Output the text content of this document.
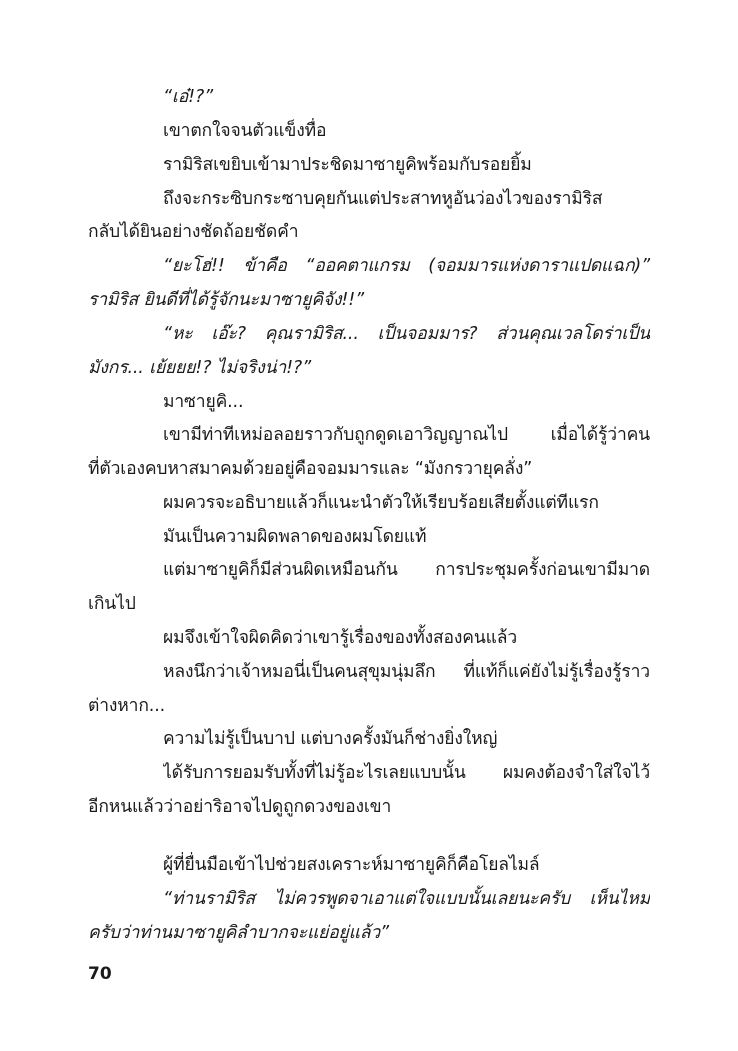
“เอ๋!?”
เขาตกใจจนตัวแข็งทื่อ
รามิริสเขยิบเข้ามาประชิดมาซายูคิพร้อมกับรอยยิ้ม
ถึงจะกระซิบกระซาบคุยกันแต่ประสาทหูอันว่องไวของรามิริส
กลับได้ยินอย่างชัดถ้อยชัดคำ
“ยะโฮ่!! ข้าคือ “ออคตาแกรม (จอมมารแห่งดาราแปดแฉก)”
รามิริส ยินดีที่ได้รู้จักนะมาซายูคิจัง!!”
“หะ เอ๊ะ? คุณรามิริส... เป็นจอมมาร? ส่วนคุณเวลโดร่าเป็น
มังกร... เย้ยยย!? ไม่จริงน่า!?”
มาซายูคิ...
เขามีท่าทีเหม่อลอยราวกับถูกดูดเอาวิญญาณไป เมื่อได้รู้ว่าคน
ที่ตัวเองคบหาสมาคมด้วยอยู่คือจอมมารและ “มังกรวายุคลั่ง”
ผมควรจะอธิบายแล้วก็แนะนำตัวให้เรียบร้อยเสียตั้งแต่ทีแรก
มันเป็นความผิดพลาดของผมโดยแท้
แต่มาซายูคิก็มีส่วนผิดเหมือนกัน การประชุมครั้งก่อนเขามีมาด
เกินไป
ผมจึงเข้าใจผิดคิดว่าเขารู้เรื่องของทั้งสองคนแล้ว
หลงนึกว่าเจ้าหมอนี่เป็นคนสุขุมนุ่มลึก ที่แท้ก็แค่ยังไม่รู้เรื่องรู้ราว
ต่างหาก...
ความไม่รู้เป็นบาป แต่บางครั้งมันก็ช่างยิ่งใหญ่
ได้รับการยอมรับทั้งที่ไม่รู้อะไรเลยแบบนั้น ผมคงต้องจำใส่ใจไว้
อีกหนแล้วว่าอย่าริอาจไปดูถูกดวงของเขา
ผู้ที่ยื่นมือเข้าไปช่วยสงเคราะห์มาซายูคิก็คือโยลไมล์
“ท่านรามิริส ไม่ควรพูดจาเอาแต่ใจแบบนั้นเลยนะครับ เห็นไหม
ครับว่าท่านมาซายูคิลำบากจะแย่อยู่แล้ว”
70
